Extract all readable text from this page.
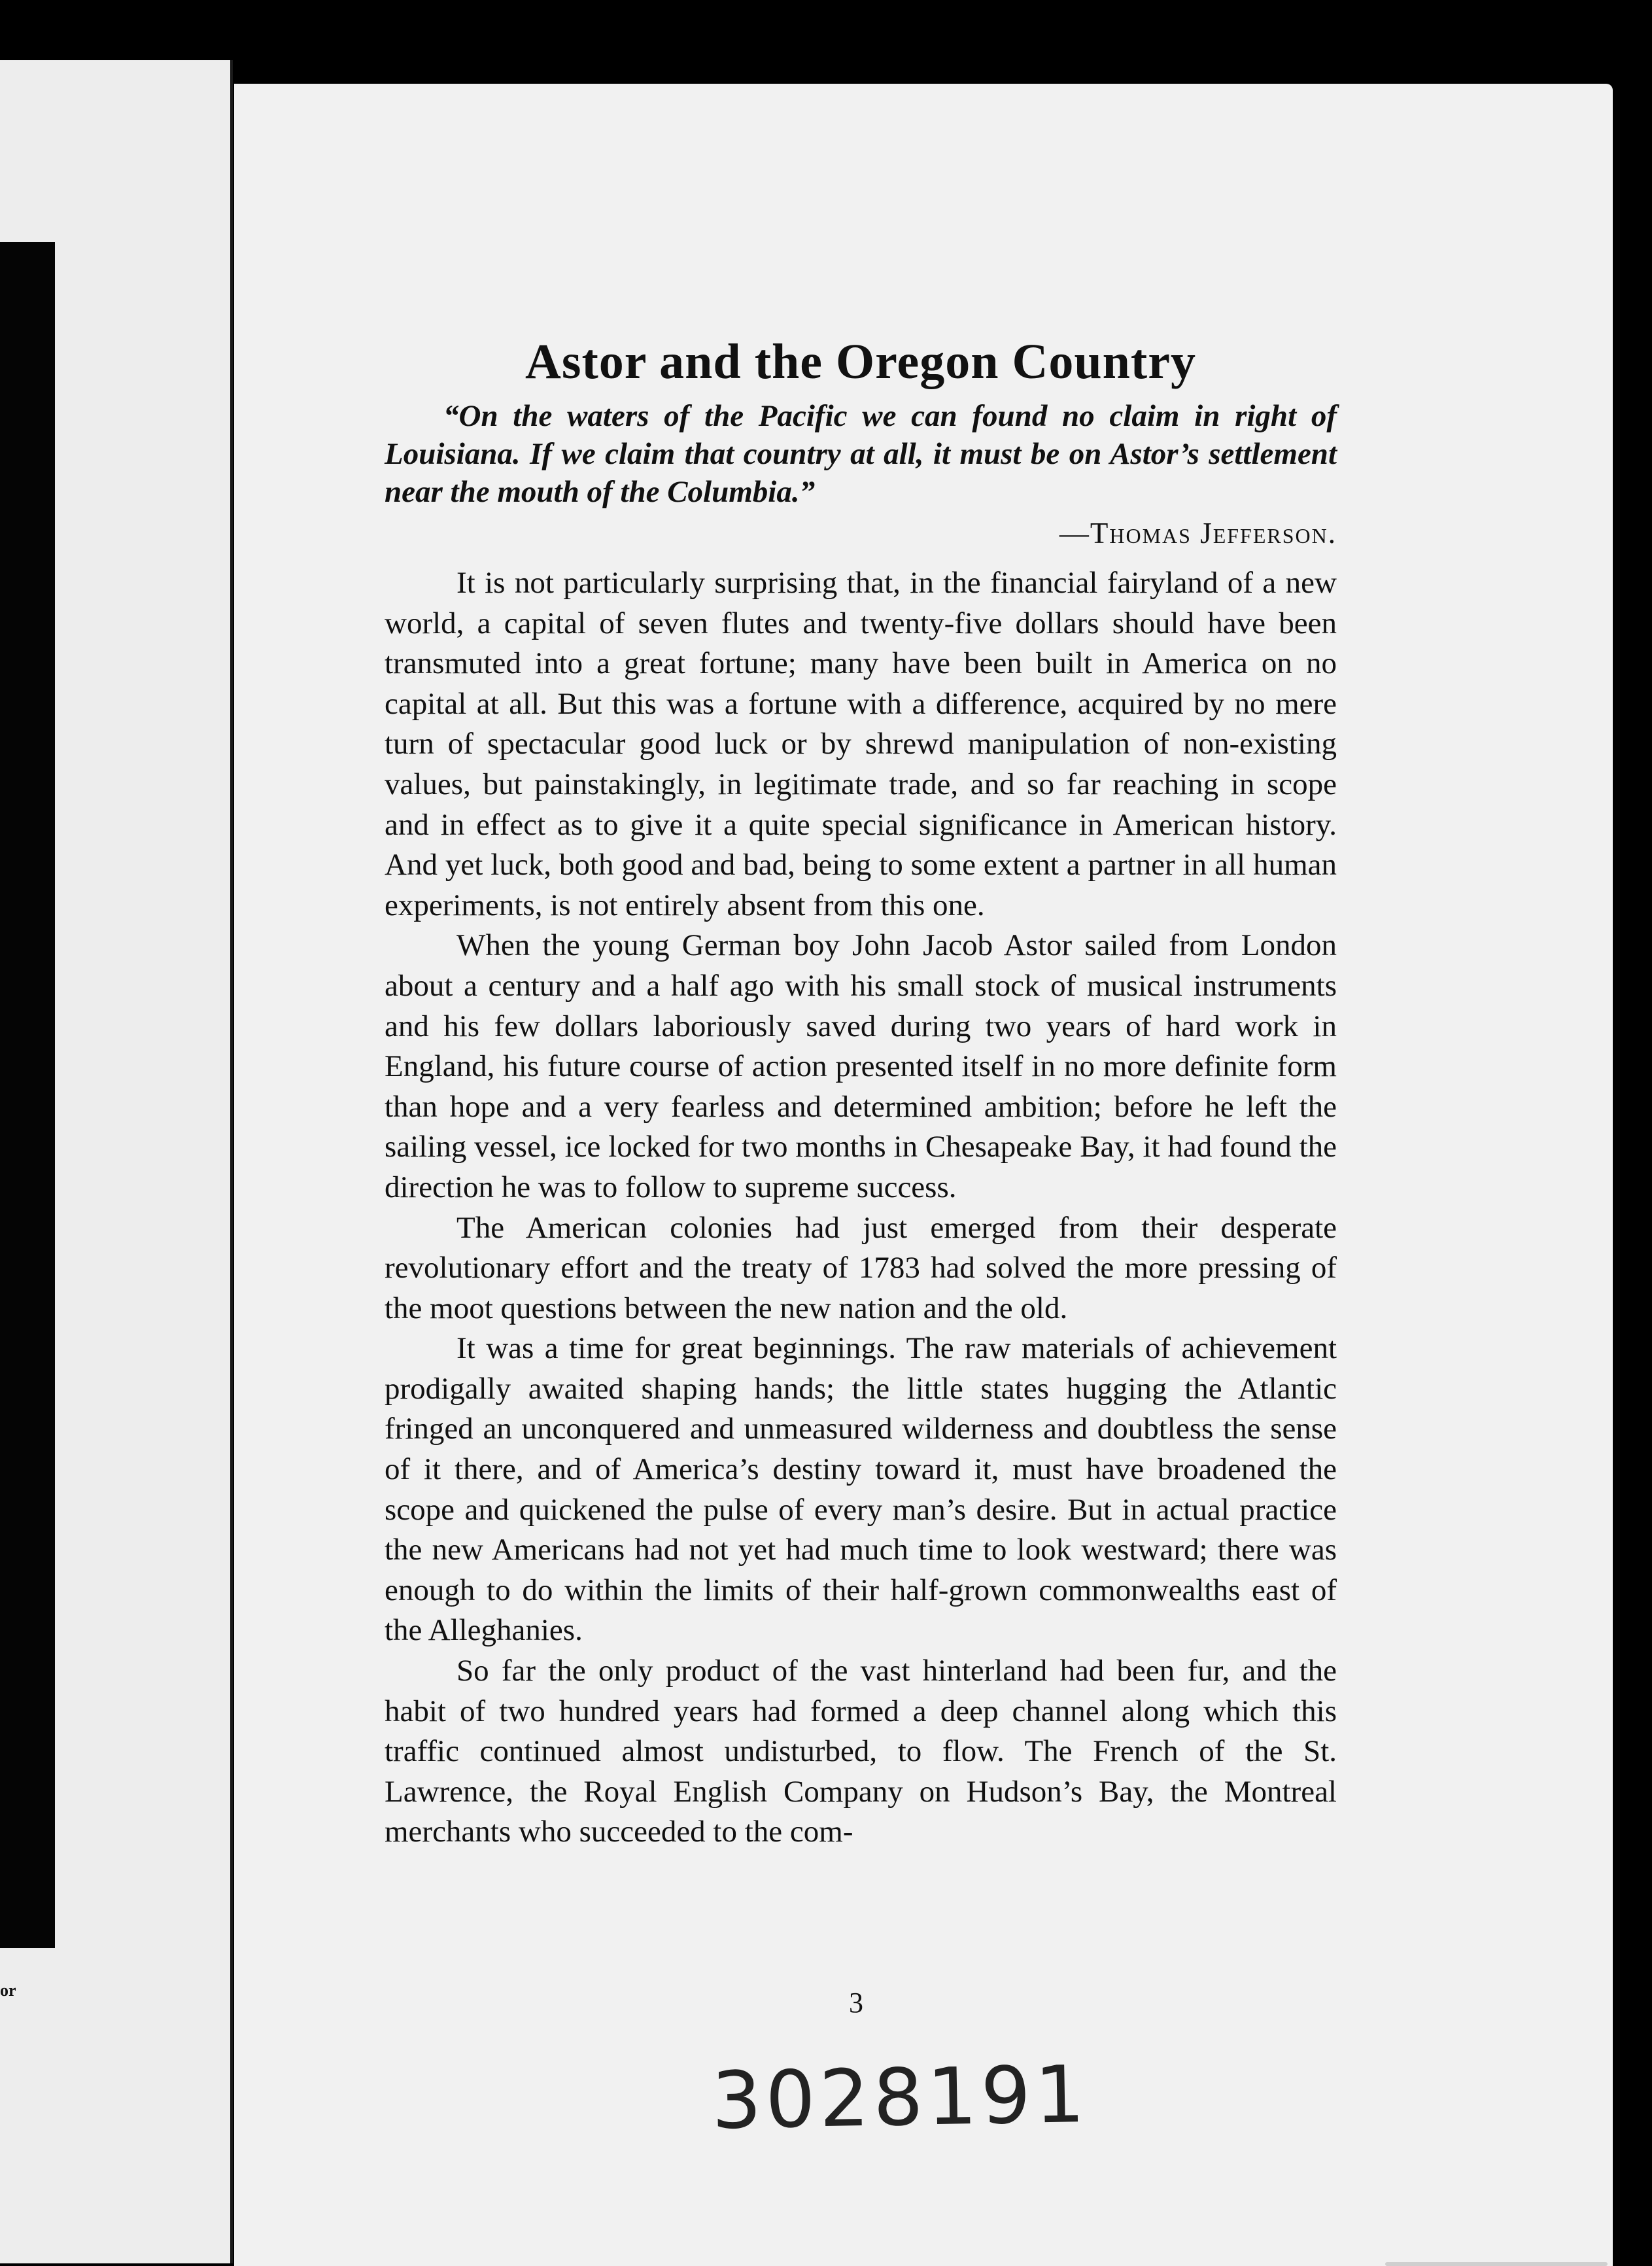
or
Astor and the Oregon Country

“On the waters of the Pacific we can found no claim in right of Louisiana. If we claim that country at all, it must be on Astor’s settlement near the mouth of the Columbia.”

—Thomas Jefferson.

It is not particularly surprising that, in the financial fairyland of a new world, a capital of seven flutes and twenty-five dollars should have been transmuted into a great fortune; many have been built in America on no capital at all. But this was a fortune with a difference, acquired by no mere turn of spectacular good luck or by shrewd manipulation of non-existing values, but painstakingly, in legitimate trade, and so far reaching in scope and in effect as to give it a quite special significance in American history. And yet luck, both good and bad, being to some extent a partner in all human experiments, is not entirely absent from this one.

When the young German boy John Jacob Astor sailed from London about a century and a half ago with his small stock of musical instruments and his few dollars laboriously saved during two years of hard work in England, his future course of action presented itself in no more definite form than hope and a very fearless and determined ambition; before he left the sailing vessel, ice locked for two months in Chesapeake Bay, it had found the direction he was to follow to supreme success.

The American colonies had just emerged from their desperate revolutionary effort and the treaty of 1783 had solved the more pressing of the moot questions between the new nation and the old.

It was a time for great beginnings. The raw materials of achievement prodigally awaited shaping hands; the little states hugging the Atlantic fringed an unconquered and unmeasured wilderness and doubtless the sense of it there, and of America’s destiny toward it, must have broadened the scope and quickened the pulse of every man’s desire. But in actual practice the new Americans had not yet had much time to look westward; there was enough to do within the limits of their half-grown commonwealths east of the Alleghanies.

So far the only product of the vast hinterland had been fur, and the habit of two hundred years had formed a deep channel along which this traffic continued almost undisturbed, to flow. The French of the St. Lawrence, the Royal English Company on Hudson’s Bay, the Montreal merchants who succeeded to the com-

3
3028191
